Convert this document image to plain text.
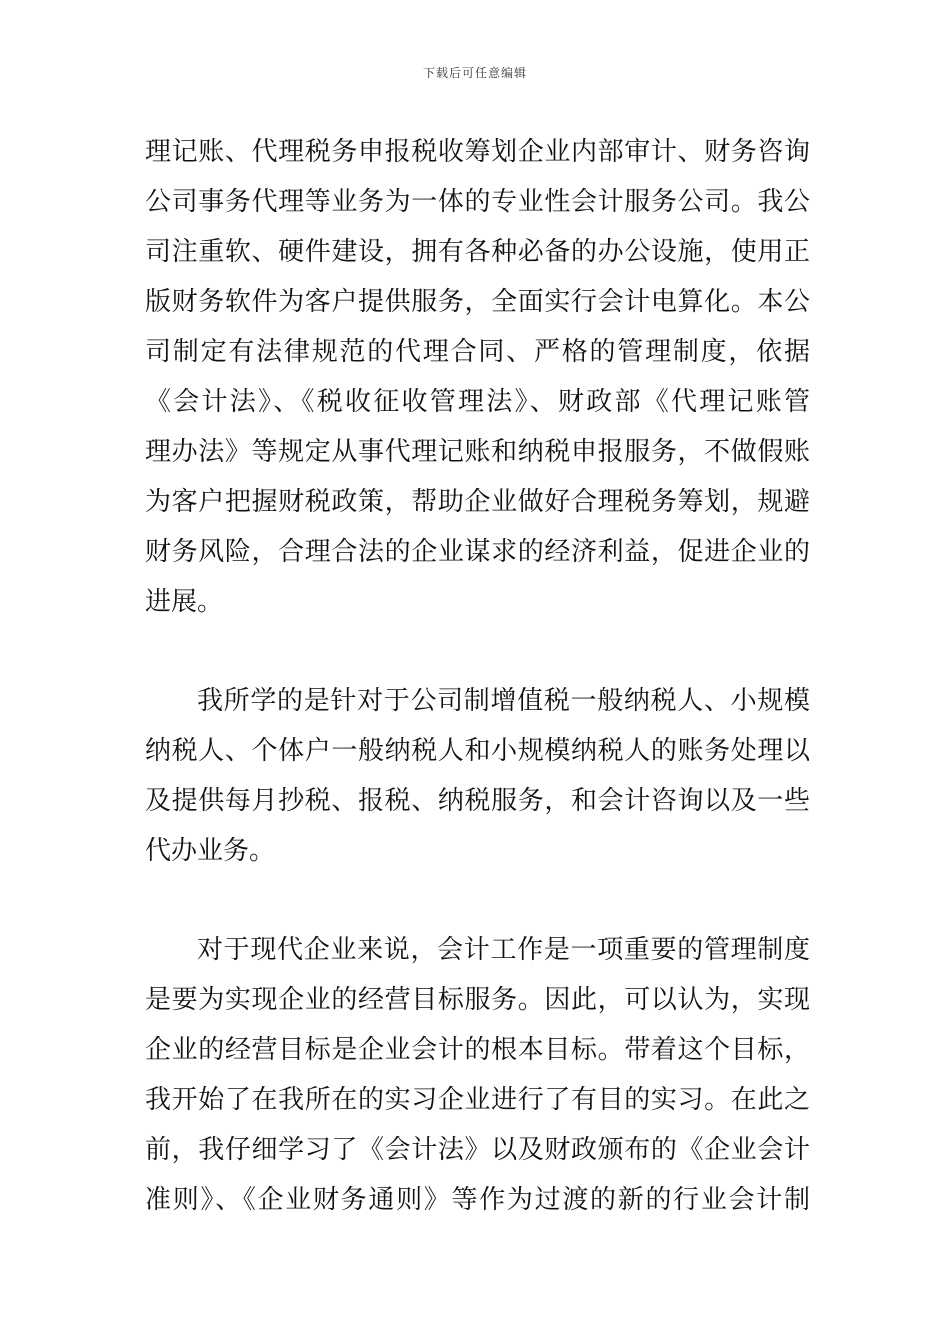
下载后可任意编辑
理记账、代理税务申报税收筹划企业内部审计、财务咨询
公司事务代理等业务为一体的专业性会计服务公司。我公
司注重软、硬件建设，拥有各种必备的办公设施，使用正
版财务软件为客户提供服务，全面实行会计电算化。本公
司制定有法律规范的代理合同、严格的管理制度，依据
《会计法》、《税收征收管理法》、财政部《代理记账管
理办法》等规定从事代理记账和纳税申报服务，不做假账
为客户把握财税政策，帮助企业做好合理税务筹划，规避
财务风险，合理合法的企业谋求的经济利益，促进企业的
进展。
我所学的是针对于公司制增值税一般纳税人、小规模
纳税人、个体户一般纳税人和小规模纳税人的账务处理以
及提供每月抄税、报税、纳税服务，和会计咨询以及一些
代办业务。
对于现代企业来说，会计工作是一项重要的管理制度
是要为实现企业的经营目标服务。因此，可以认为，实现
企业的经营目标是企业会计的根本目标。带着这个目标，
我开始了在我所在的实习企业进行了有目的实习。在此之
前，我仔细学习了《会计法》以及财政颁布的《企业会计
准则》、《企业财务通则》等作为过渡的新的行业会计制
